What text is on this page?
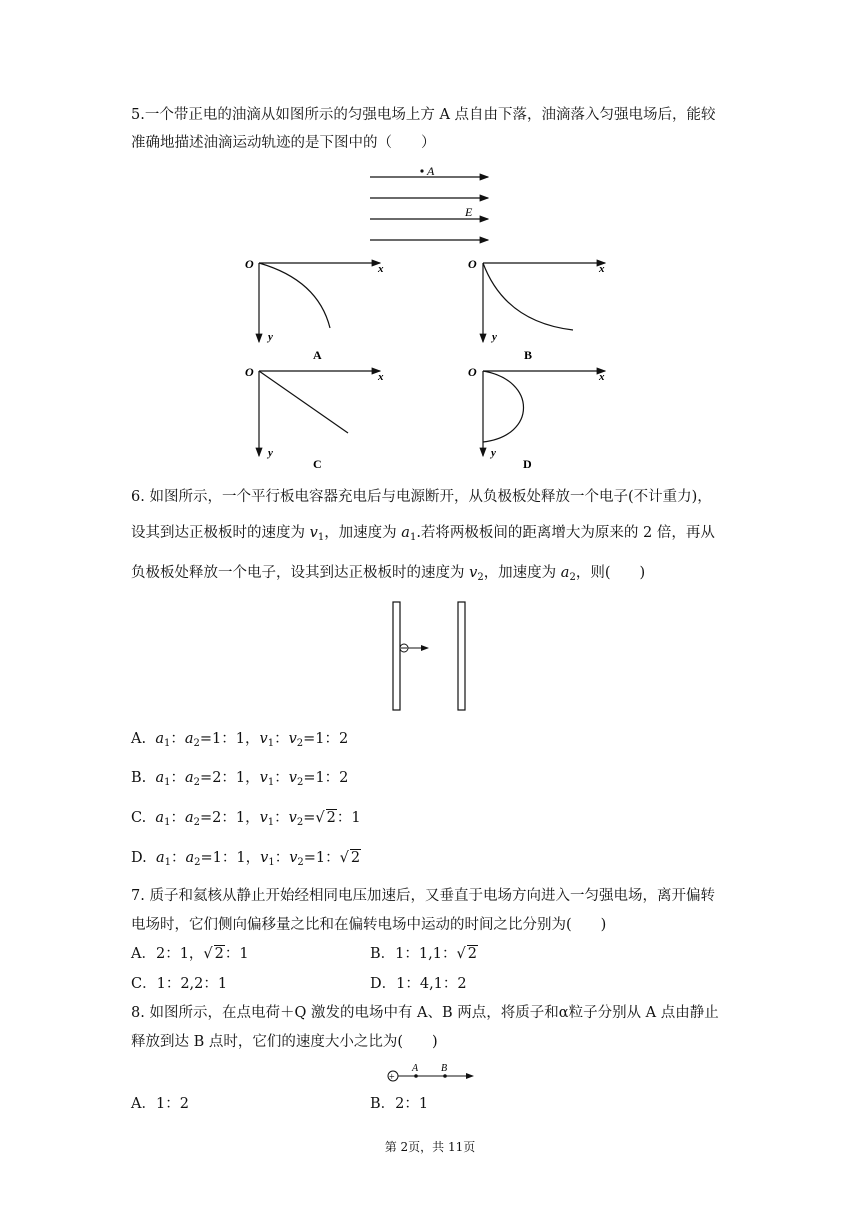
5.一个带正电的油滴从如图所示的匀强电场上方 A 点自由下落，油滴落入匀强电场后，能较
准确地描述油滴运动轨迹的是下图中的（　　）
A
E
O	x
y
A
O	x
y
B
O	x
y
C
O	x
y
D
6. 如图所示，一个平行板电容器充电后与电源断开，从负极板处释放一个电子(不计重力)，
设其到达正极板时的速度为 $v_1$，加速度为 $a_1$.若将两极板间的距离增大为原来的 2 倍，再从
负极板处释放一个电子，设其到达正极板时的速度为 $v_2$，加速度为 $a_2$，则(　　)
A. $a_1$：$a_2=1$：1，$v_1$：$v_2=1$：2
B. $a_1$：$a_2=2$：1，$v_1$：$v_2=1$：2
C. $a_1$：$a_2=2$：1，$v_1$：$v_2=√$ 2：1
D. $a_1$：$a_2=1$：1，$v_1$：$v_2=1$：√ 2
7. 质子和氦核从静止开始经相同电压加速后，又垂直于电场方向进入一匀强电场，离开偏转
电场时，它们侧向偏移量之比和在偏转电场中运动的时间之比分别为(　　)
A．2：1，√ 2：1	B．1：1,1：√ 2
C．1：2,2：1	D．1：4,1：2
8. 如图所示，在点电荷＋Q 激发的电场中有 A、B 两点，将质子和α粒子分别从 A 点由静止
释放到达 B 点时，它们的速度大小之比为(　　)
+
A B
A．1：2	B．2：1
第 2页，共 11页
